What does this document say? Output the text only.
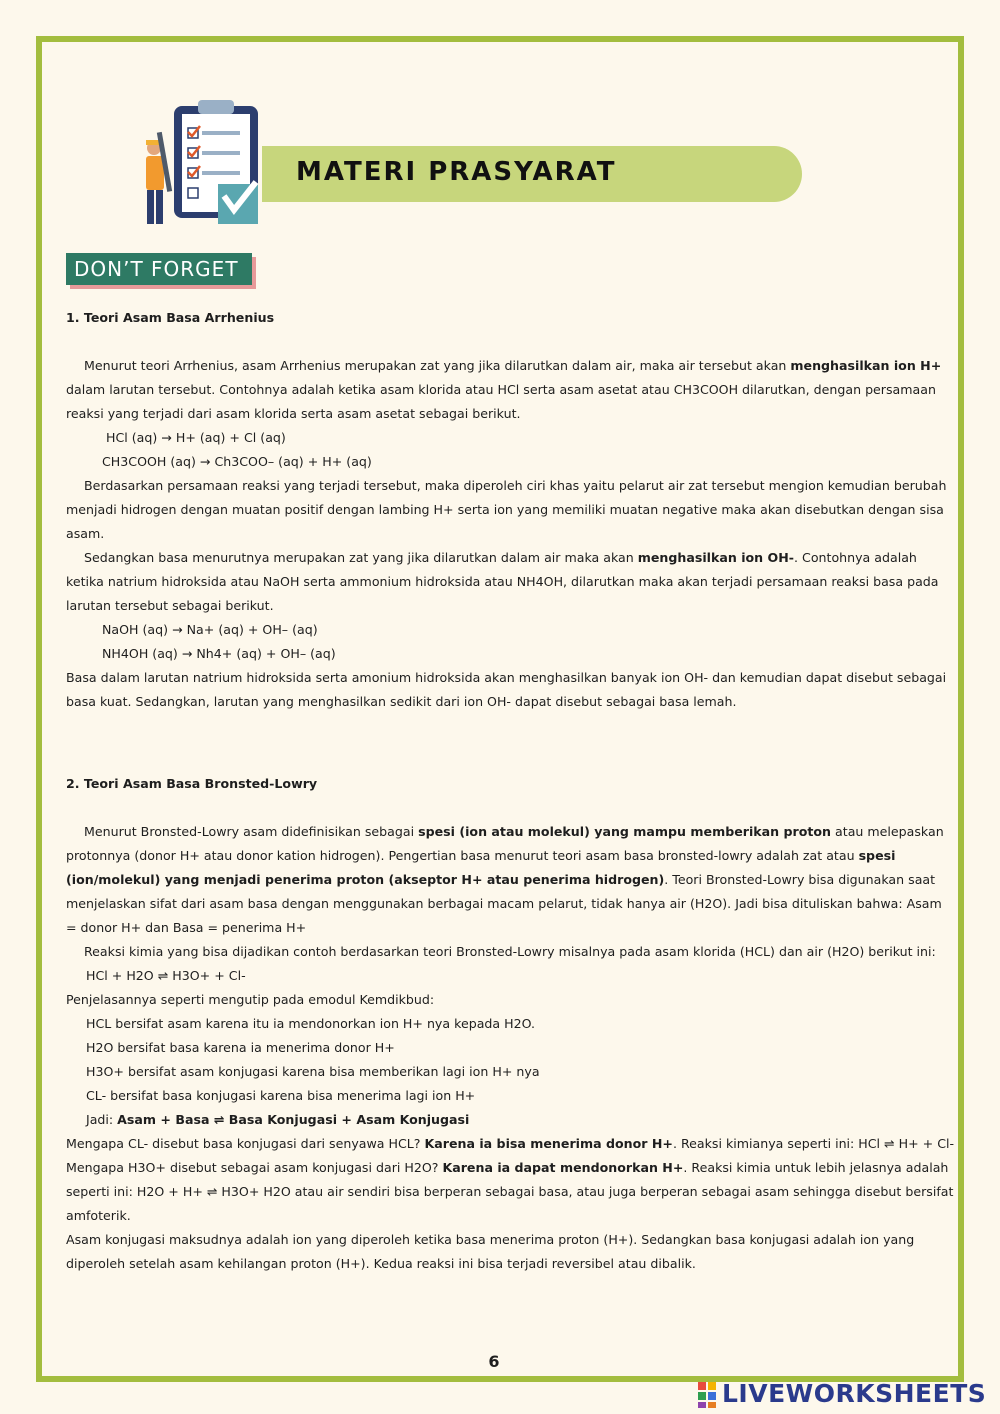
MATERI PRASYARAT
DON’T FORGET

1. Teori Asam Basa Arrhenius

Menurut teori Arrhenius, asam Arrhenius merupakan zat yang jika dilarutkan dalam air, maka air tersebut akan menghasilkan ion H+ dalam larutan tersebut. Contohnya adalah ketika asam klorida atau HCl serta asam asetat atau CH3COOH dilarutkan, dengan persamaan reaksi yang terjadi dari asam klorida serta asam asetat sebagai berikut.

HCl (aq) → H+ (aq) + Cl (aq)

CH3COOH (aq) → Ch3COO– (aq) + H+ (aq)

Berdasarkan persamaan reaksi yang terjadi tersebut, maka diperoleh ciri khas yaitu pelarut air zat tersebut mengion kemudian berubah menjadi hidrogen dengan muatan positif dengan lambing H+ serta ion yang memiliki muatan negative maka akan disebutkan dengan sisa asam.

Sedangkan basa menurutnya merupakan zat yang jika dilarutkan dalam air maka akan menghasilkan ion OH-. Contohnya adalah ketika natrium hidroksida atau NaOH serta ammonium hidroksida atau NH4OH, dilarutkan maka akan terjadi persamaan reaksi basa pada larutan tersebut sebagai berikut.

NaOH (aq) → Na+ (aq) + OH– (aq)

NH4OH (aq) → Nh4+ (aq) + OH– (aq)

Basa dalam larutan natrium hidroksida serta amonium hidroksida akan menghasilkan banyak ion OH- dan kemudian dapat disebut sebagai basa kuat. Sedangkan, larutan yang menghasilkan sedikit dari ion OH- dapat disebut sebagai basa lemah.

2. Teori Asam Basa Bronsted-Lowry

Menurut Bronsted-Lowry asam didefinisikan sebagai spesi (ion atau molekul) yang mampu memberikan proton atau melepaskan protonnya (donor H+ atau donor kation hidrogen). Pengertian basa menurut teori asam basa bronsted-lowry adalah zat atau spesi (ion/molekul) yang menjadi penerima proton (akseptor H+ atau penerima hidrogen). Teori Bronsted-Lowry bisa digunakan saat menjelaskan sifat dari asam basa dengan menggunakan berbagai macam pelarut, tidak hanya air (H2O). Jadi bisa dituliskan bahwa: Asam = donor H+ dan Basa = penerima H+

Reaksi kimia yang bisa dijadikan contoh berdasarkan teori Bronsted-Lowry misalnya pada asam klorida (HCL) dan air (H2O) berikut ini:

HCl + H2O ⇌ H3O+ + Cl-

Penjelasannya seperti mengutip pada emodul Kemdikbud:

HCL bersifat asam karena itu ia mendonorkan ion H+ nya kepada H2O.

H2O bersifat basa karena ia menerima donor H+

H3O+ bersifat asam konjugasi karena bisa memberikan lagi ion H+ nya

CL- bersifat basa konjugasi karena bisa menerima lagi ion H+

Jadi: Asam + Basa ⇌ Basa Konjugasi + Asam Konjugasi

Mengapa CL- disebut basa konjugasi dari senyawa HCL? Karena ia bisa menerima donor H+. Reaksi kimianya seperti ini: HCl ⇌ H+ + Cl-

Mengapa H3O+ disebut sebagai asam konjugasi dari H2O? Karena ia dapat mendonorkan H+. Reaksi kimia untuk lebih jelasnya adalah seperti ini: H2O + H+ ⇌ H3O+ H2O atau air sendiri bisa berperan sebagai basa, atau juga berperan sebagai asam sehingga disebut bersifat amfoterik.

Asam konjugasi maksudnya adalah ion yang diperoleh ketika basa menerima proton (H+). Sedangkan basa konjugasi adalah ion yang diperoleh setelah asam kehilangan proton (H+). Kedua reaksi ini bisa terjadi reversibel atau dibalik.

6
LIVEWORKSHEETS
